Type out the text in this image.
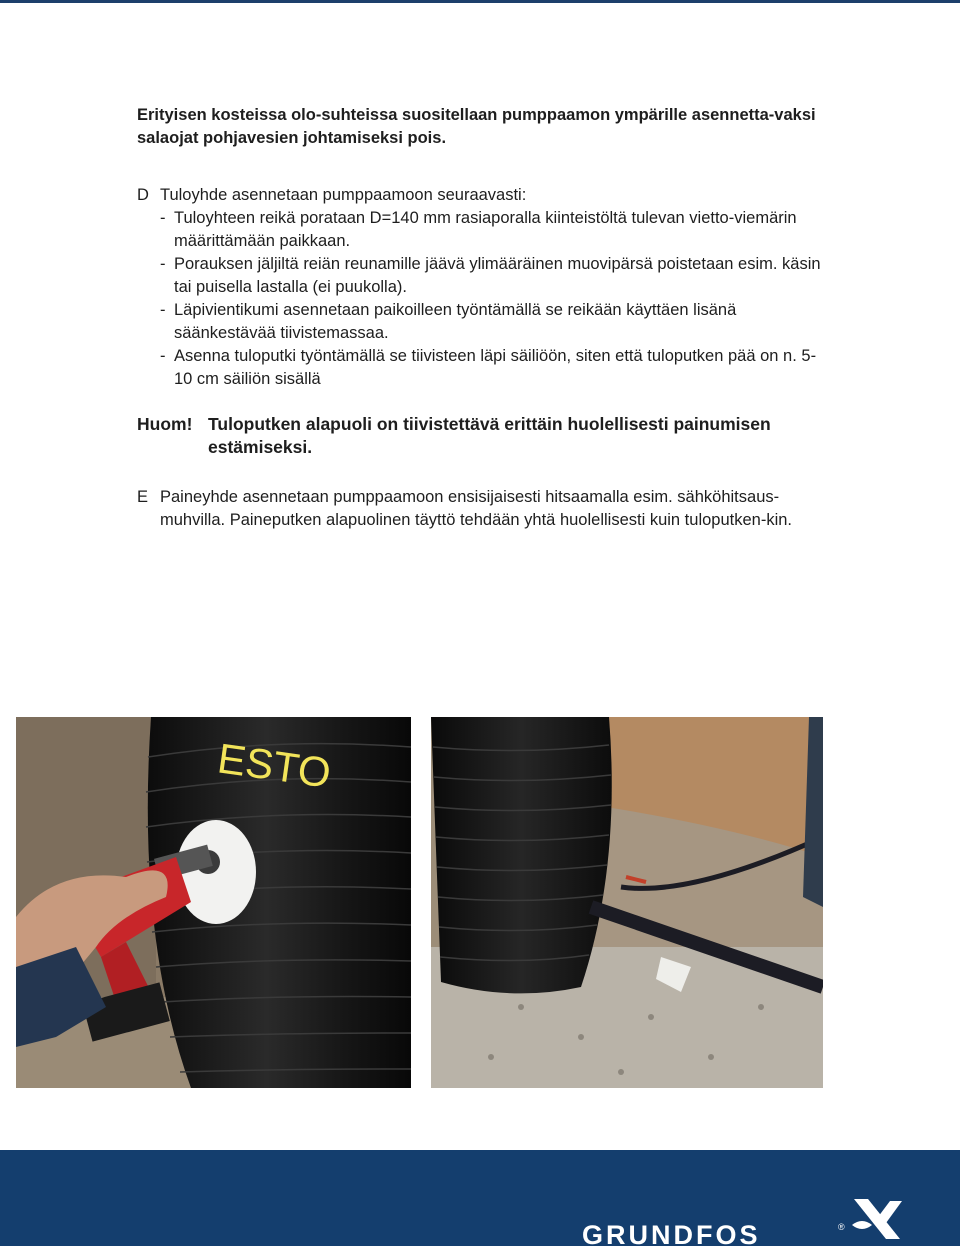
Erityisen kosteissa olo-suhteissa suositellaan pumppaamon ympärille asennetta-vaksi salaojat pohjavesien johtamiseksi pois.

D Tuloyhde asennetaan pumppaamoon seuraavasti:
- Tuloyhteen reikä porataan D=140 mm rasiaporalla kiinteistöltä tulevan vietto-viemärin määrittämään paikkaan.
- Porauksen jäljiltä reiän reunamille jäävä ylimääräinen muovipärsä poistetaan esim. käsin tai puisella lastalla (ei puukolla).
- Läpivientikumi asennetaan paikoilleen työntämällä se reikään käyttäen lisänä säänkestävää tiivistemassaa.
- Asenna tuloputki työntämällä se tiivisteen läpi säiliöön, siten että tuloputken pää on n. 5-10 cm säiliön sisällä
Huom! Tuloputken alapuoli on tiivistettävä erittäin huolellisesti painumisen estämiseksi.
E Paineyhde asennetaan pumppaamoon ensisijaisesti hitsaamalla esim. sähköhitsaus-muhvilla. Paineputken alapuolinen täyttö tehdään yhtä huolellisesti kuin tuloputken-kin.
ESTO
GRUNDFOS	®
